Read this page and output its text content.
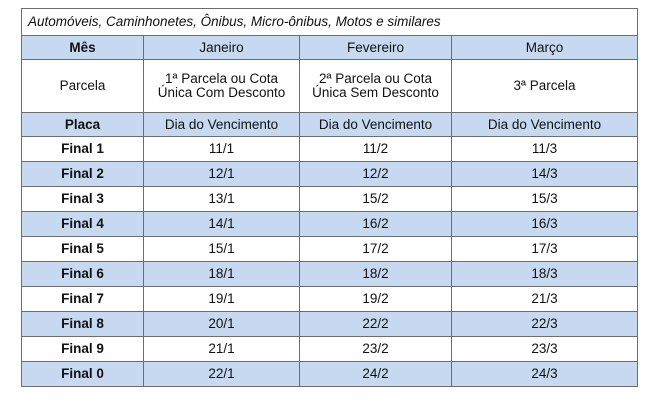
Automóveis, Caminhonetes, Ônibus, Micro-ônibus, Motos e similares			
Mês	Janeiro	Fevereiro	Março
Parcela	1ª Parcela ou Cota Única Com Desconto	2ª Parcela ou Cota Única Sem Desconto	3ª Parcela
Placa	Dia do Vencimento	Dia do Vencimento	Dia do Vencimento
Final 1	11/1	11/2	11/3
Final 2	12/1	12/2	14/3
Final 3	13/1	15/2	15/3
Final 4	14/1	16/2	16/3
Final 5	15/1	17/2	17/3
Final 6	18/1	18/2	18/3
Final 7	19/1	19/2	21/3
Final 8	20/1	22/2	22/3
Final 9	21/1	23/2	23/3
Final 0	22/1	24/2	24/3
